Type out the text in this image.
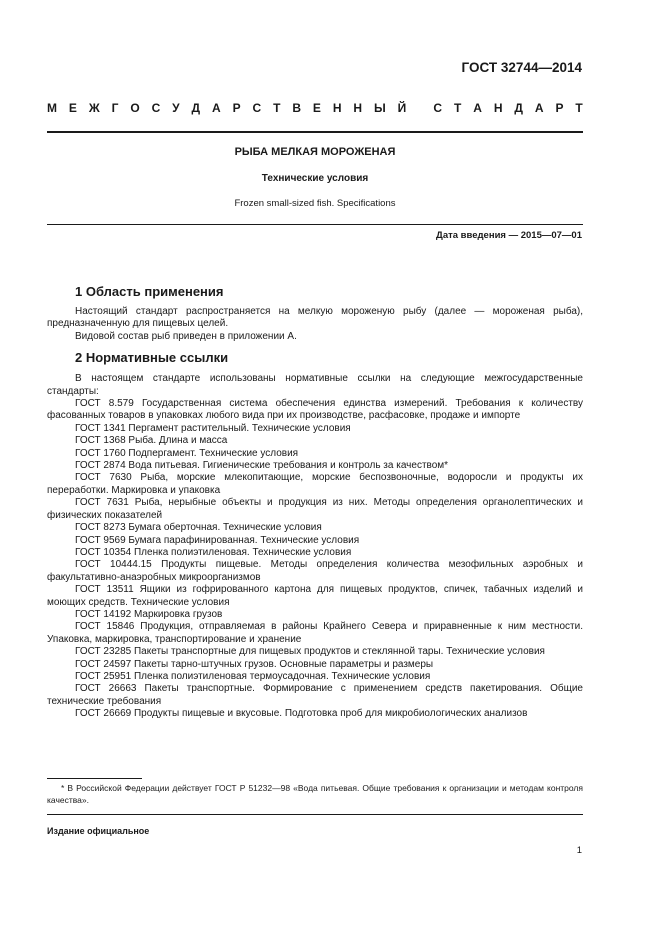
ГОСТ 32744—2014
М Е Ж Г О С У Д А Р С Т В Е Н Н Ы Й
С Т А Н Д А Р Т
РЫБА МЕЛКАЯ МОРОЖЕНАЯ
Технические условия
Frozen small-sized fish. Specifications
Дата введения — 2015—07—01
1 Область применения
Настоящий стандарт распространяется на мелкую мороженую рыбу (далее — мороженая рыба), предназначенную для пищевых целей.
Видовой состав рыб приведен в приложении А.
2 Нормативные ссылки
В настоящем стандарте использованы нормативные ссылки на следующие межгосударственные стандарты:
ГОСТ 8.579 Государственная система обеспечения единства измерений. Требования к количеству фасованных товаров в упаковках любого вида при их производстве, расфасовке, продаже и импорте
ГОСТ 1341 Пергамент растительный. Технические условия
ГОСТ 1368 Рыба. Длина и масса
ГОСТ 1760 Подпергамент. Технические условия
ГОСТ 2874 Вода питьевая. Гигиенические требования и контроль за качеством*
ГОСТ 7630 Рыба, морские млекопитающие, морские беспозвоночные, водоросли и продукты их переработки. Маркировка и упаковка
ГОСТ 7631 Рыба, нерыбные объекты и продукция из них. Методы определения органолептических и физических показателей
ГОСТ 8273 Бумага оберточная. Технические условия
ГОСТ 9569 Бумага парафинированная. Технические условия
ГОСТ 10354 Пленка полиэтиленовая. Технические условия
ГОСТ 10444.15 Продукты пищевые. Методы определения количества мезофильных аэробных и факультативно-анаэробных микроорганизмов
ГОСТ 13511 Ящики из гофрированного картона для пищевых продуктов, спичек, табачных изделий и моющих средств. Технические условия
ГОСТ 14192 Маркировка грузов
ГОСТ 15846 Продукция, отправляемая в районы Крайнего Севера и приравненные к ним местности. Упаковка, маркировка, транспортирование и хранение
ГОСТ 23285 Пакеты транспортные для пищевых продуктов и стеклянной тары. Технические условия
ГОСТ 24597 Пакеты тарно-штучных грузов. Основные параметры и размеры
ГОСТ 25951 Пленка полиэтиленовая термоусадочная. Технические условия
ГОСТ 26663 Пакеты транспортные. Формирование с применением средств пакетирования. Общие технические требования
ГОСТ 26669 Продукты пищевые и вкусовые. Подготовка проб для микробиологических анализов
* В Российской Федерации действует ГОСТ Р 51232—98 «Вода питьевая. Общие требования к организации и методам контроля качества».
Издание официальное
1
